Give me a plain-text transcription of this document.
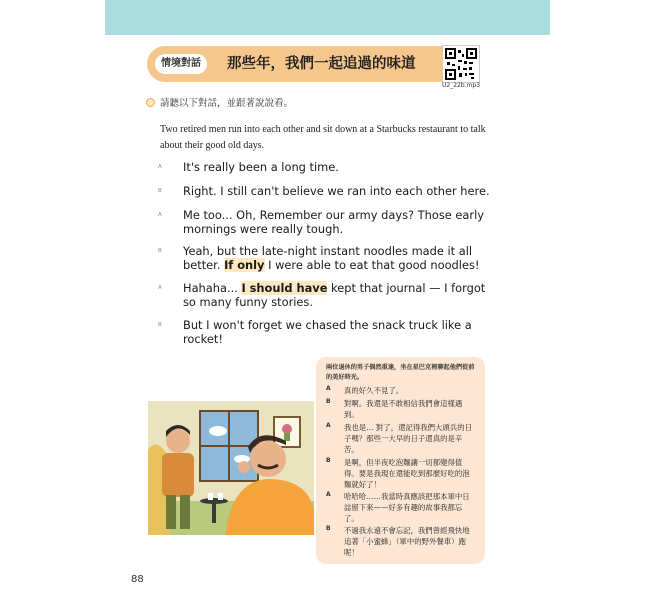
情境對話	那些年，我們一起追過的味道
U2_22b.mp3
請聽以下對話，並跟著說說看。
Two retired men run into each other and sit down at a Starbucks restaurant to talk about their good old days.
A	It's really been a long time.
B	Right. I still can't believe we ran into each other here.
A	Me too... Oh, Remember our army days? Those early mornings were really tough.
B	Yeah, but the late-night instant noodles made it all better. If only I were able to eat that good noodles!
A	Hahaha... I should have kept that journal — I forgot so many funny stories.
B	But I won't forget we chased the snack truck like a rocket!
兩位退休的男子偶然重逢，坐在星巴克裡聊起他們從前的美好時光。
A 真的好久不見了。
B 對啊。我還是不敢相信我們會這樣遇到。
A 我也是… 對了，還記得我們大頭兵的日子嗎？那些一大早的日子還真的是辛苦。
B 是啊，但半夜吃泡麵讓一切都變得值得。要是我現在還能吃到那麼好吃的泡麵就好了！
A 哈哈哈……我當時真應該把那本軍中日誌留下來——好多有趣的故事我都忘了。
B 不過我永遠不會忘記，我們曾經飛快地追著「小蜜蜂」（軍中的野外餐車）跑呢！
88
